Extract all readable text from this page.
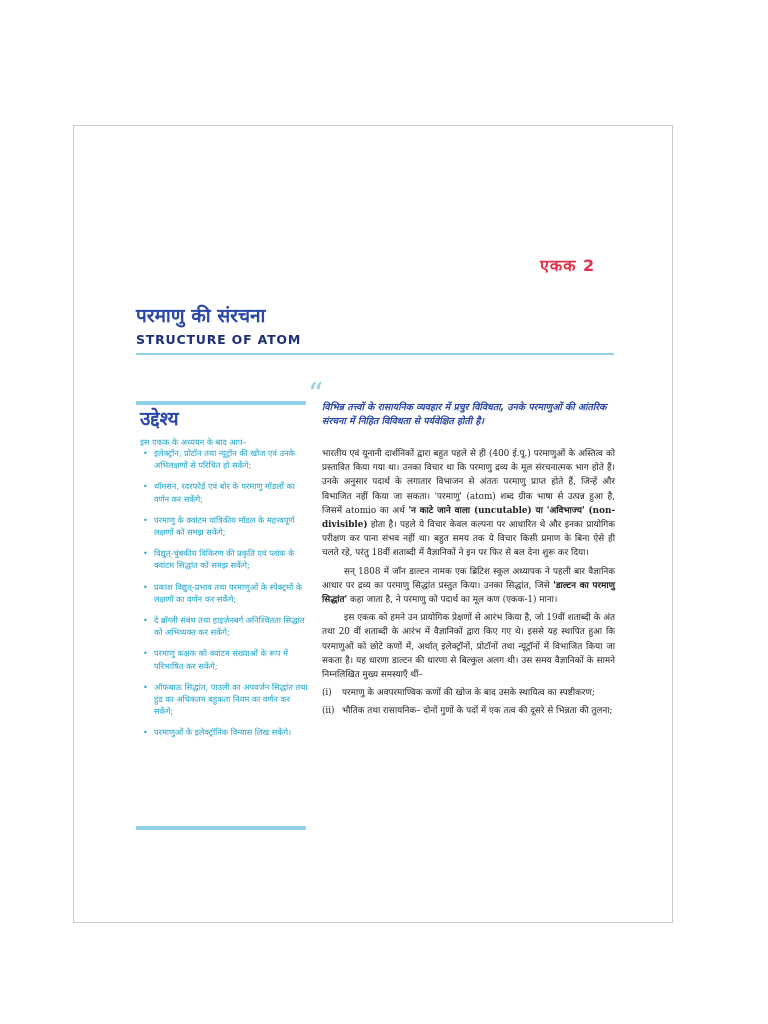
एकक 2
परमाणु की संरचना
STRUCTURE OF ATOM
उद्देश्य
इस एकक के अध्ययन के बाद आप–
• इलेक्ट्रॉन, प्रोटॉन तथा न्यूट्रॉन की खोज एवं उनके अभिलक्षणों से परिचित हो सकेंगे;
• थॉमसन, रदरफोर्ड एवं बोर के परमाणु मॉडलों का वर्णन कर सकेंगे;
• परमाणु के क्वांटम यांत्रिकीय मॉडल के महत्त्वपूर्ण लक्षणों को समझ सकेंगे;
• विद्युत्-चुंबकीय विकिरण की प्रकृति एवं प्लांक के क्वांटम सिद्धांत को समझ सकेंगे;
• प्रकाश विद्युत्-प्रभाव तथा परमाणुओं के स्पेक्ट्रमों के लक्षणों का वर्णन कर सकेंगे;
• दे ब्रॉग्ली संबंध तथा हाइज़ेनबर्ग अनिश्चितता सिद्धांत को अभिव्यक्त कर सकेंगे;
• परमाणु कक्षक को क्वांटम संख्याओं के रूप में परिभाषित कर सकेंगे;
• ऑफबाऊ सिद्धांत, पाउली का अपवर्जन सिद्धांत तथा हुंड का अधिकतम बहुकता नियम का वर्णन कर सकेंगे;
• परमाणुओं के इलेक्ट्रॉनिक विन्यास लिख सकेंगे।
“
विभिन्न तत्त्वों के रासायनिक व्यवहार में प्रचुर विविधता, उनके परमाणुओं की आंतरिक संरचना में निहित विविधता से पर्यवेक्षित होती है।

भारतीय एवं यूनानी दार्शनिकों द्वारा बहुत पहले से ही (400 ई.पू.) परमाणुओं के अस्तित्व को प्रस्तावित किया गया था। उनका विचार था कि परमाणु द्रव्य के मूल संरचनात्मक भाग होते हैं। उनके अनुसार पदार्थ के लगातार विभाजन से अंततः परमाणु प्राप्त होते हैं, जिन्हें और विभाजित नहीं किया जा सकता। 'परमाणु' (atom) शब्द ग्रीक भाषा से उत्पन्न हुआ है, जिसमें atomio का अर्थ 'न काटे जाने वाला (uncutable) या 'अविभाज्य' (non-divisible) होता है। पहले ये विचार केवल कल्पना पर आधारित थे और इनका प्रायोगिक परीक्षण कर पाना संभव नहीं था। बहुत समय तक ये विचार किसी प्रमाण के बिना ऐसे ही चलते रहे, परंतु 18वीं शताब्दी में वैज्ञानिकों ने इन पर फिर से बल देना शुरू कर दिया।

सन् 1808 में जॉन डाल्टन नामक एक ब्रिटिश स्कूल अध्यापक ने पहली बार वैज्ञानिक आधार पर द्रव्य का परमाणु सिद्धांत प्रस्तुत किया। उनका सिद्धांत, जिसे 'डाल्टन का परमाणु सिद्धांत' कहा जाता है, ने परमाणु को पदार्थ का मूल कण (एकक-1) माना।

इस एकक को हमने उन प्रायोगिक प्रेक्षणों से आरंभ किया है, जो 19वीं शताब्दी के अंत तथा 20 वीं शताब्दी के आरंभ में वैज्ञानिकों द्वारा किए गए थे। इससे यह स्थापित हुआ कि परमाणुओं को छोटे कणों में, अर्थात् इलेक्ट्रॉनों, प्रोटॉनों तथा न्यूट्रॉनों में विभाजित किया जा सकता है। यह धारणा डाल्टन की धारणा से बिल्कुल अलग थी। उस समय वैज्ञानिकों के सामने निम्नलिखित मुख्य समस्याएँ थीं–

(i) परमाणु के अवपरमाण्विक कणों की खोज के बाद उसके स्थायित्व का स्पष्टीकरण;

(ii) भौतिक तथा रासायनिक– दोनों गुणों के पदों में एक तत्व की दूसरे से भिन्नता की तुलना;
